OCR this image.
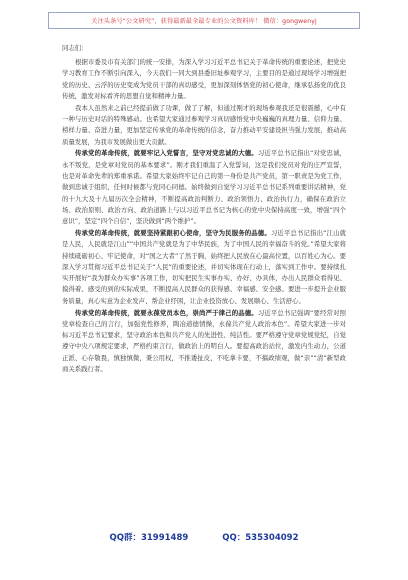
关注头条号“公文研究”，获得最新最全最专业的公文资料库！ 微信：gongwenyj

同志们：

根据市委及市有关部门的统一安排，为深入学习习近平总书记关于革命传统的重要论述，把党史学习教育工作不断引向深入，今天我们一同大到县委旧址参观学习，主要目的是通过现场学习增强把党的历史、云浮的历史变成为党员干部的真切感受，更加深刻体悟党的初心使命，继承弘扬党的优良传统，激发对标看齐的思想自觉和精神力量。

我本人虽然来之前已经提前做了功课，做了了解，但通过刚才的现场参观我还是很震撼，心中有一种与历史对话的特殊感动。也希望大家通过参观学习真切感悟党中央巍巍的真理力量、信仰力量、榜样力量、奋进力量，更加坚定传承党的革命传统的信念，奋力推动平安建设担当强力发展，推动高质量发展，为我市发展做出更大贡献。

传承党的革命传统，就要牢记入党誓言，坚守对党忠诚的大德。习近平总书记指出“对党忠诚，永不叛党，是党章对党员的基本要求”。刚才我们重温了入党誓词，这是我们党员对党的庄严宣誓，也是对革命先辈的郑重承诺。希望大家始终牢记自己的第一身份是共产党员，第一职责是为党工作，做到忠诚于组织，任何时候都与党同心同德。始终做到自觉学习习近平总书记系列重要讲话精神，党的十九大及十九届历次全会精神，不断提高政治判断力、政治领悟力、政治执行力，确保在政治立场、政治原则、政治方向、政治道路上与以习近平总书记为核心的党中央保持高度一致，增强“四个意识”，坚定“四个自信”，坚决做到“两个维护”。

传承党的革命传统，就要坚持紧跟初心使命，坚守为民服务的品德。习近平总书记指出“江山就是人民，人民就是江山”“中国共产党就是为了中华民族，为了中国人民的幸福奋斗的党。”希望大家将持续砥砺初心、牢记使命，对“国之大者”了然于胸，始终把人民放在心最高位置，以百姓心为心。要深入学习贯彻习近平总书记关于“人民”的重要论述，并切实体现在行动上，落实到工作中。要持续扎实开展好“我为群众办实事”各项工作，切实把民生实事办实、办好、办具体，办出人民群众看得见、摸得着、感受的到的实际成果，不断提高人民群众的获得感、幸福感、安全感。要进一步提升企业服务质量，真心实意为企业发声、帮企业纾困，让企业投资放心、发展顺心、生活舒心。

传承党的革命传统，就要永葆党员本色，崇尚严于律己的品德。习近平总书记强调“要经常对照党章检查自己的言行，加强党性修养，陶冶道德情操，永葆共产党人政治本色”。希望大家进一步对标习近平总书记要求，坚守政治本色和共产党人的先进性、纯洁性。要严格遵守党章党规党纪，自觉遵守中央八项规定要求，严格约束言行，做政治上的明白人。要提高政治站位，激发内生动力，公道正派、心存敬畏，慎独慎微，秉公用权，不推诿扯皮，不吃拿卡要，不搞政绩观，做“亲”“清”新型政商关系践行者。

QQ群：31991489	QQ：535304092
